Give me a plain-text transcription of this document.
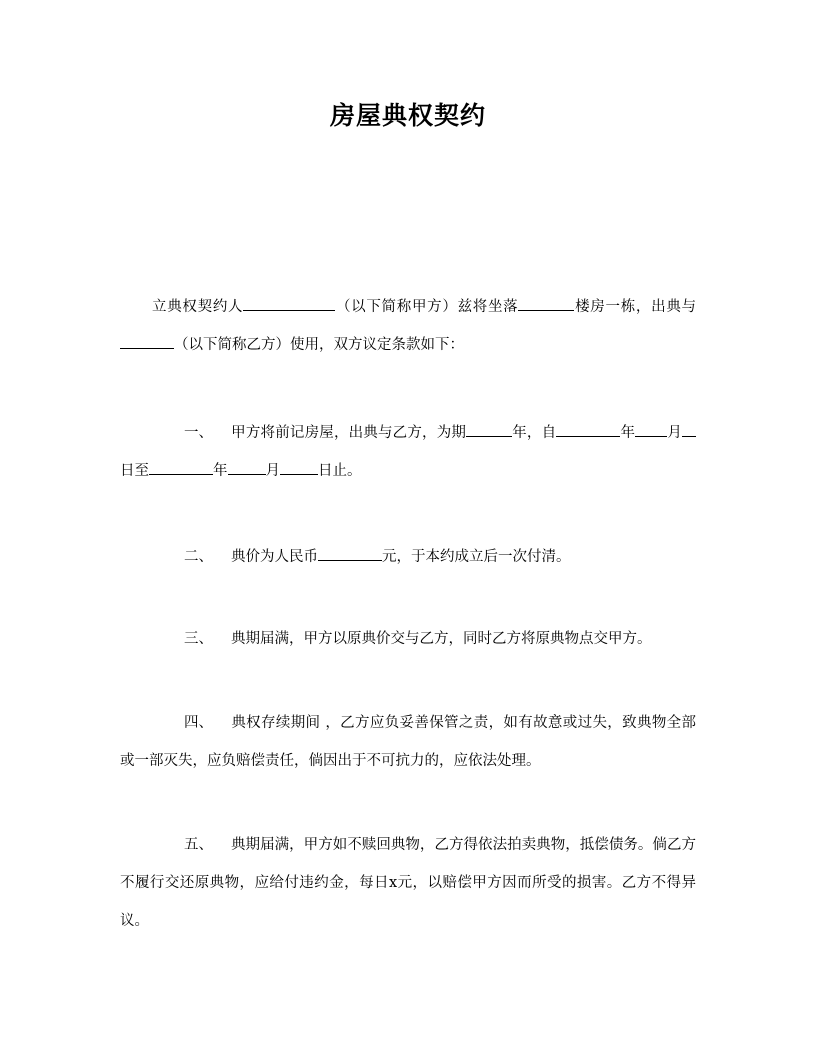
房屋典权契约

立典权契约人	（以下简称甲方）兹将坐落	楼房一栋，出典与（以下简称乙方）使用，双方议定条款如下：

一、 甲方将前记房屋，出典与乙方，为期	年，自	年 月日至	年	月	日止。

二、 典价为人民币	元，于本约成立后一次付清。

三、 典期届满，甲方以原典价交与乙方，同时乙方将原典物点交甲方。

四、 典权存续期间 ，乙方应负妥善保管之责，如有故意或过失，致典物全部或一部灭失，应负赔偿责任，倘因出于不可抗力的，应依法处理。

五、 典期届满，甲方如不赎回典物，乙方得依法拍卖典物，抵偿债务。倘乙方不履行交还原典物，应给付违约金，每日x元，以赔偿甲方因而所受的损害。乙方不得异议。
